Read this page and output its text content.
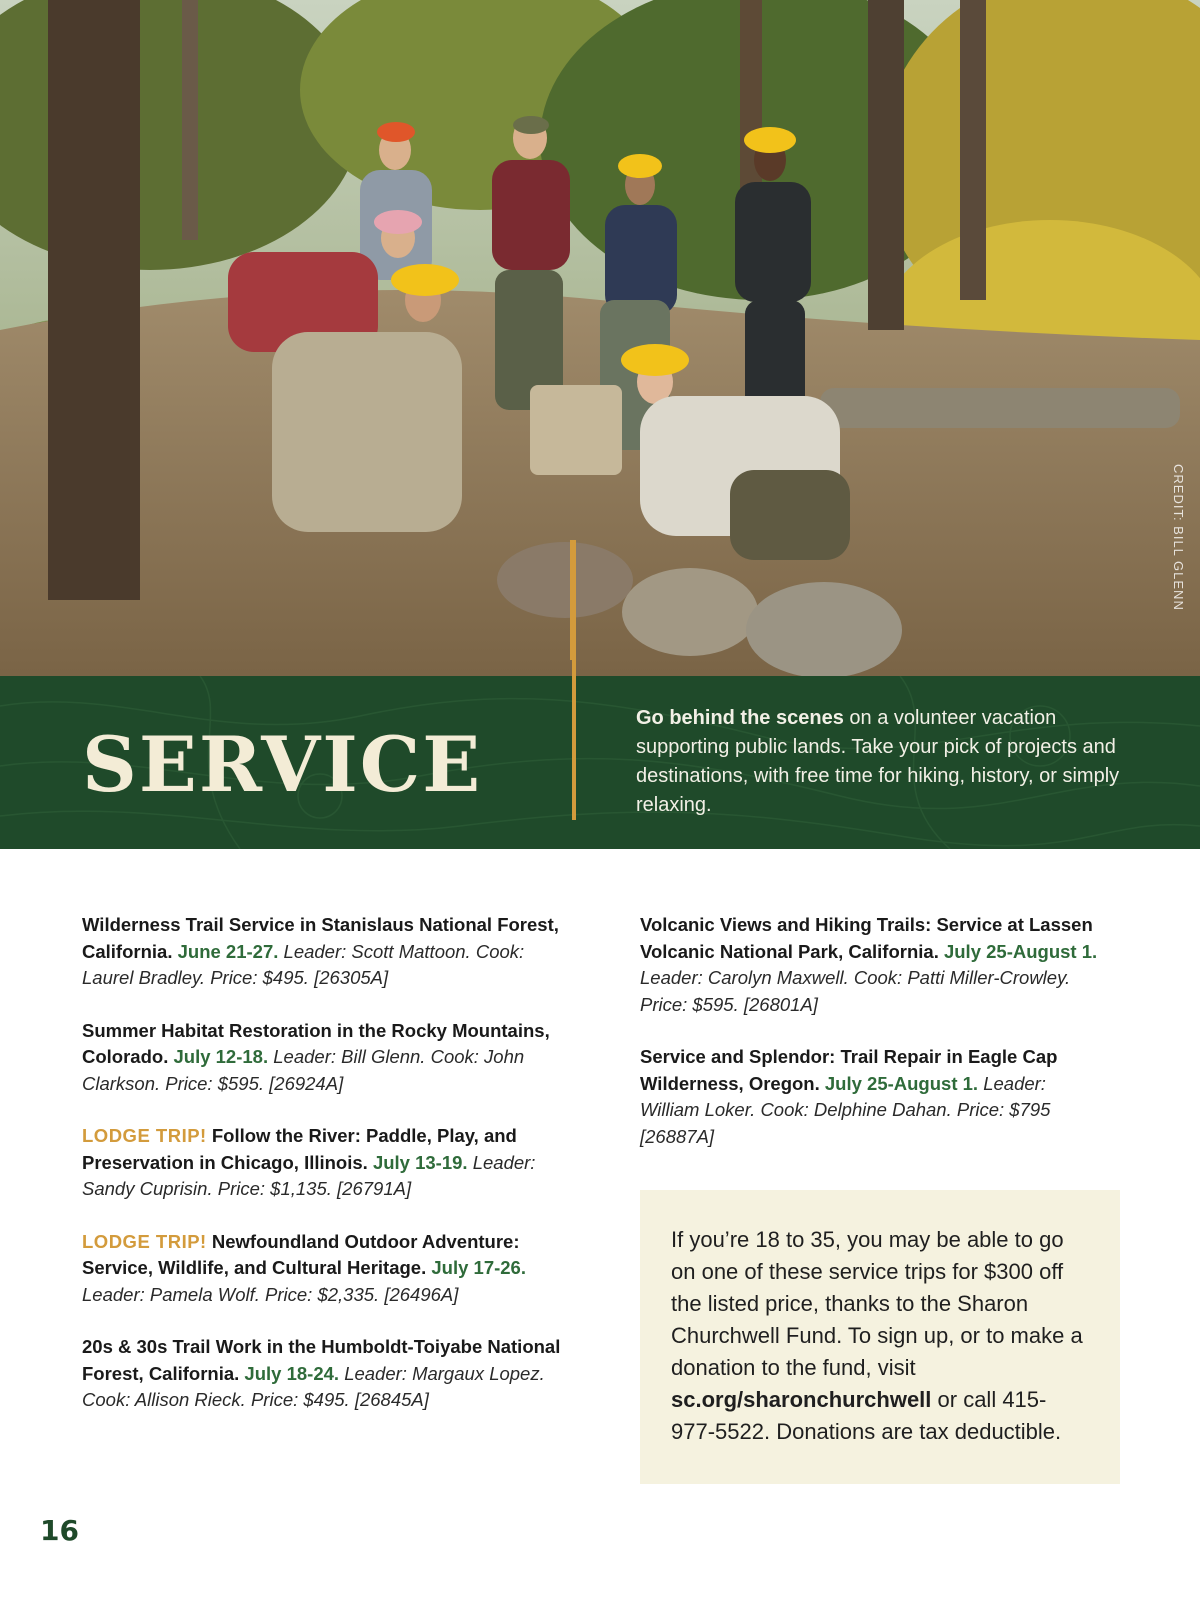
CREDIT: BILL GLENN
SERVICE
Go behind the scenes on a volunteer vacation supporting public lands. Take your pick of projects and destinations, with free time for hiking, history, or simply relaxing.

Wilderness Trail Service in Stanislaus National Forest, California. June 21-27. Leader: Scott Mattoon. Cook: Laurel Bradley. Price: $495. [26305A]

Summer Habitat Restoration in the Rocky Mountains, Colorado. July 12-18. Leader: Bill Glenn. Cook: John Clarkson. Price: $595. [26924A]

LODGE TRIP! Follow the River: Paddle, Play, and Preservation in Chicago, Illinois. July 13-19. Leader: Sandy Cuprisin. Price: $1,135. [26791A]

LODGE TRIP! Newfoundland Outdoor Adventure: Service, Wildlife, and Cultural Heritage. July 17-26. Leader: Pamela Wolf. Price: $2,335. [26496A]

20s & 30s Trail Work in the Humboldt-Toiyabe National Forest, California. July 18-24. Leader: Margaux Lopez. Cook: Allison Rieck. Price: $495. [26845A]

Volcanic Views and Hiking Trails: Service at Lassen Volcanic National Park, California. July 25-August 1. Leader: Carolyn Maxwell. Cook: Patti Miller-Crowley. Price: $595. [26801A]

Service and Splendor: Trail Repair in Eagle Cap Wilderness, Oregon. July 25-August 1. Leader: William Loker. Cook: Delphine Dahan. Price: $795 [26887A]

If you’re 18 to 35, you may be able to go on one of these service trips for $300 off the listed price, thanks to the Sharon Churchwell Fund. To sign up, or to make a donation to the fund, visit sc.org/sharonchurchwell or call 415-977-5522. Donations are tax deductible.
16
